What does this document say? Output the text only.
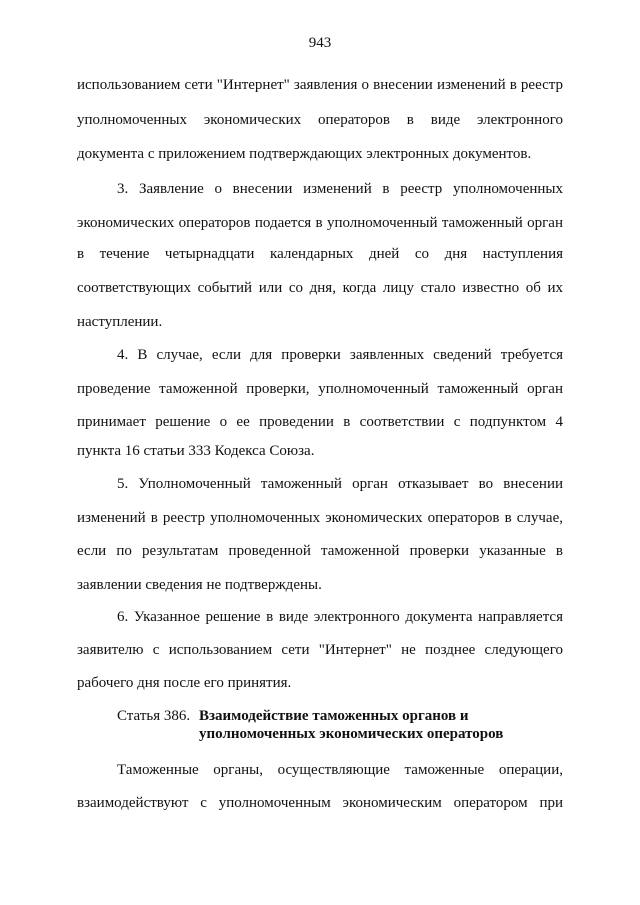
943
использованием сети "Интернет" заявления о внесении изменений в реестр
уполномоченных экономических операторов в виде электронного
документа с приложением подтверждающих электронных документов.
3. Заявление о внесении изменений в реестр уполномоченных
экономических операторов подается в уполномоченный таможенный орган
в течение четырнадцати календарных дней со дня наступления
соответствующих событий или со дня, когда лицу стало известно об их
наступлении.
4. В случае, если для проверки заявленных сведений требуется
проведение таможенной проверки, уполномоченный таможенный орган
принимает решение о ее проведении в соответствии с подпунктом 4
пункта 16 статьи 333 Кодекса Союза.
5. Уполномоченный таможенный орган отказывает во внесении
изменений в реестр уполномоченных экономических операторов в случае,
если по результатам проведенной таможенной проверки указанные в
заявлении сведения не подтверждены.
6. Указанное решение в виде электронного документа направляется
заявителю с использованием сети "Интернет" не позднее следующего
рабочего дня после его принятия.
Статья 386. Взаимодействие таможенных органов и
уполномоченных экономических операторов
Таможенные органы, осуществляющие таможенные операции,
взаимодействуют с уполномоченным экономическим оператором при
